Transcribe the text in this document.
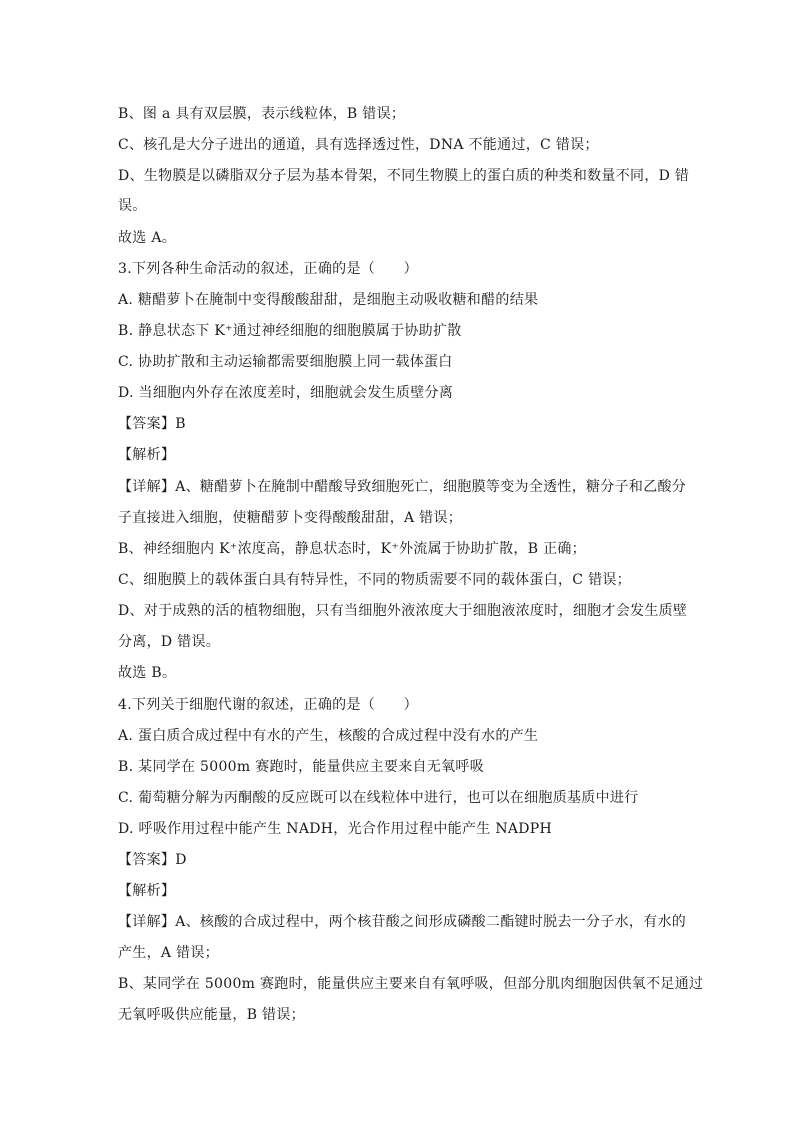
B、图 a 具有双层膜，表示线粒体，B 错误；
C、核孔是大分子进出的通道，具有选择透过性，DNA 不能通过，C 错误；
D、生物膜是以磷脂双分子层为基本骨架，不同生物膜上的蛋白质的种类和数量不同，D 错
误。
故选 A。
3.下列各种生命活动的叙述，正确的是（　　）
A. 糖醋萝卜在腌制中变得酸酸甜甜，是细胞主动吸收糖和醋的结果
B. 静息状态下 K⁺通过神经细胞的细胞膜属于协助扩散
C. 协助扩散和主动运输都需要细胞膜上同一载体蛋白
D. 当细胞内外存在浓度差时，细胞就会发生质壁分离
【答案】B
【解析】
【详解】A、糖醋萝卜在腌制中醋酸导致细胞死亡，细胞膜等变为全透性，糖分子和乙酸分
子直接进入细胞，使糖醋萝卜变得酸酸甜甜，A 错误；
B、神经细胞内 K⁺浓度高，静息状态时，K⁺外流属于协助扩散，B 正确；
C、细胞膜上的载体蛋白具有特异性，不同的物质需要不同的载体蛋白，C 错误；
D、对于成熟的活的植物细胞，只有当细胞外液浓度大于细胞液浓度时，细胞才会发生质壁
分离，D 错误。
故选 B。
4.下列关于细胞代谢的叙述，正确的是（　　）
A. 蛋白质合成过程中有水的产生，核酸的合成过程中没有水的产生
B. 某同学在 5000m 赛跑时，能量供应主要来自无氧呼吸
C. 葡萄糖分解为丙酮酸的反应既可以在线粒体中进行，也可以在细胞质基质中进行
D. 呼吸作用过程中能产生 NADH，光合作用过程中能产生 NADPH
【答案】D
【解析】
【详解】A、核酸的合成过程中，两个核苷酸之间形成磷酸二酯键时脱去一分子水，有水的
产生，A 错误；
B、某同学在 5000m 赛跑时，能量供应主要来自有氧呼吸，但部分肌肉细胞因供氧不足通过
无氧呼吸供应能量，B 错误；
